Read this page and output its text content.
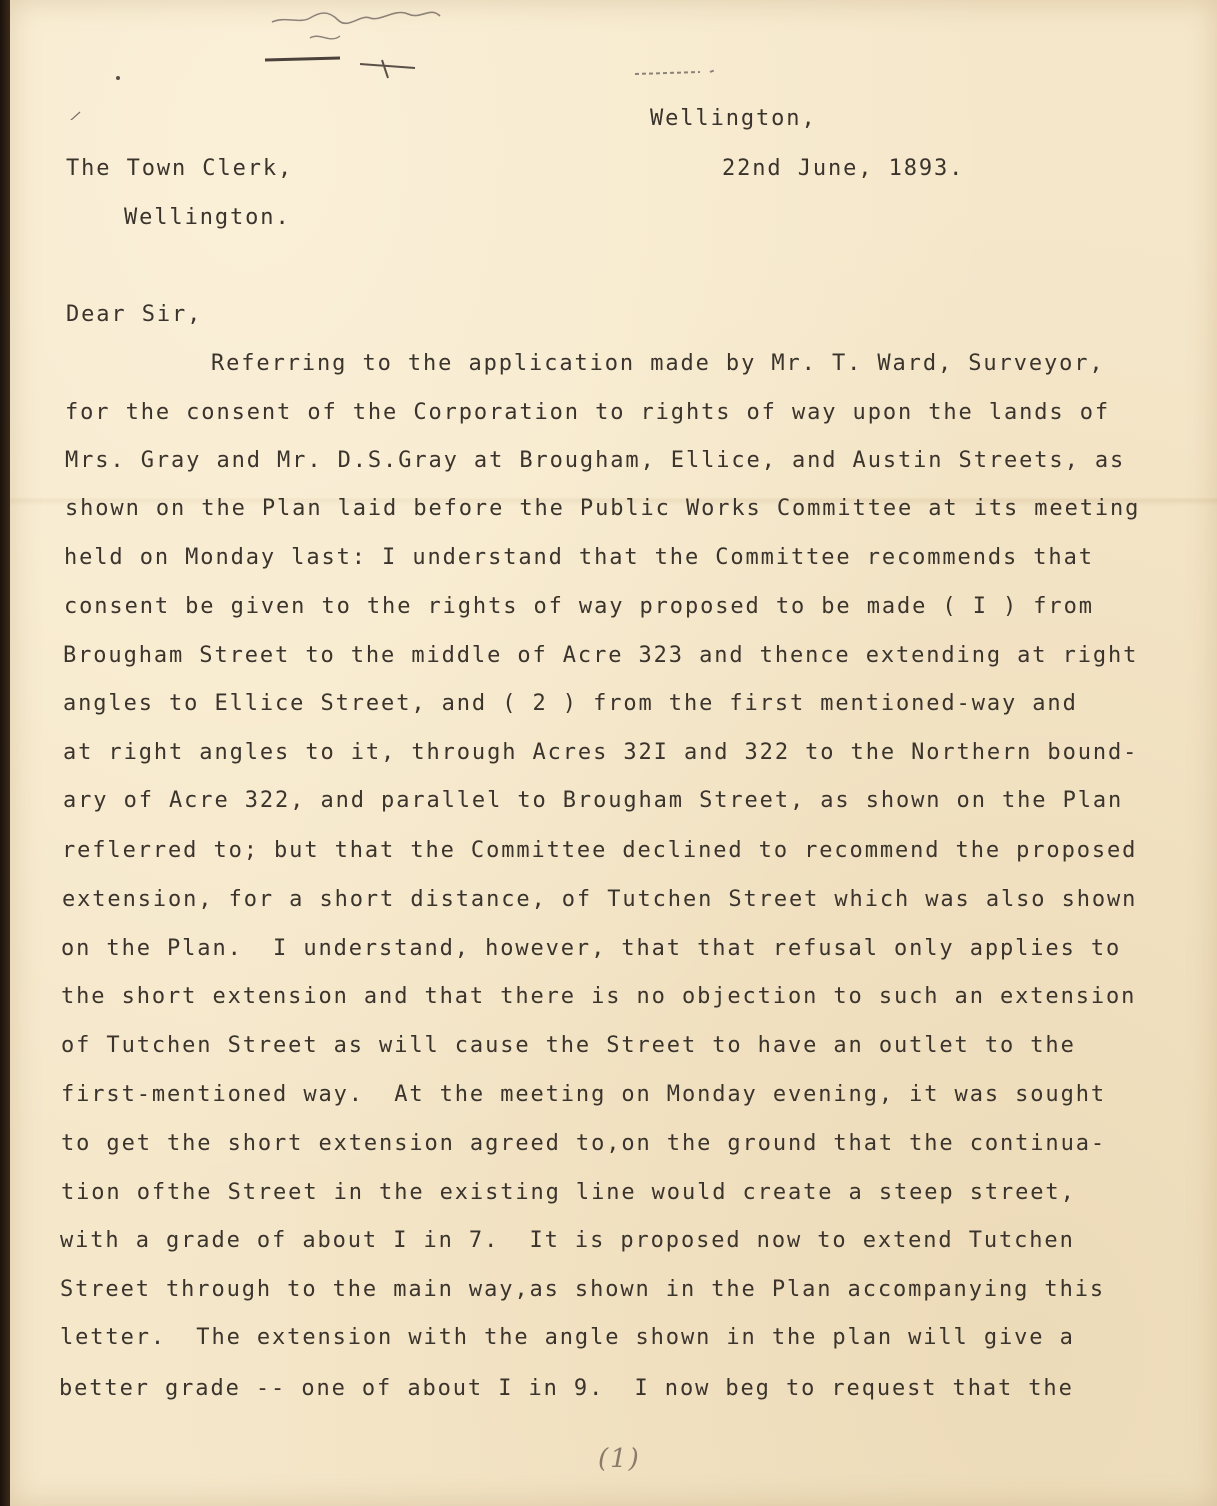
Wellington,
The Town Clerk,	22nd June, 1893.
Wellington.
Dear Sir,
Referring to the application made by Mr. T. Ward, Surveyor,
for the consent of the Corporation to rights of way upon the lands of
Mrs. Gray and Mr. D.S.Gray at Brougham, Ellice, and Austin Streets, as
shown on the Plan laid before the Public Works Committee at its meeting
held on Monday last: I understand that the Committee recommends that
consent be given to the rights of way proposed to be made ( I ) from
Brougham Street to the middle of Acre 323 and thence extending at right
angles to Ellice Street, and ( 2 ) from the first mentioned-way and
at right angles to it, through Acres 32I and 322 to the Northern bound-
ary of Acre 322, and parallel to Brougham Street, as shown on the Plan
reflerred to; but that the Committee declined to recommend the proposed
extension, for a short distance, of Tutchen Street which was also shown
on the Plan.  I understand, however, that that refusal only applies to
the short extension and that there is no objection to such an extension
of Tutchen Street as will cause the Street to have an outlet to the
first-mentioned way.  At the meeting on Monday evening, it was sought
to get the short extension agreed to,on the ground that the continua-
tion ofthe Street in the existing line would create a steep street,
with a grade of about I in 7.  It is proposed now to extend Tutchen
Street through to the main way,as shown in the Plan accompanying this
letter.  The extension with the angle shown in the plan will give a
better grade -- one of about I in 9.  I now beg to request that the
(1)
